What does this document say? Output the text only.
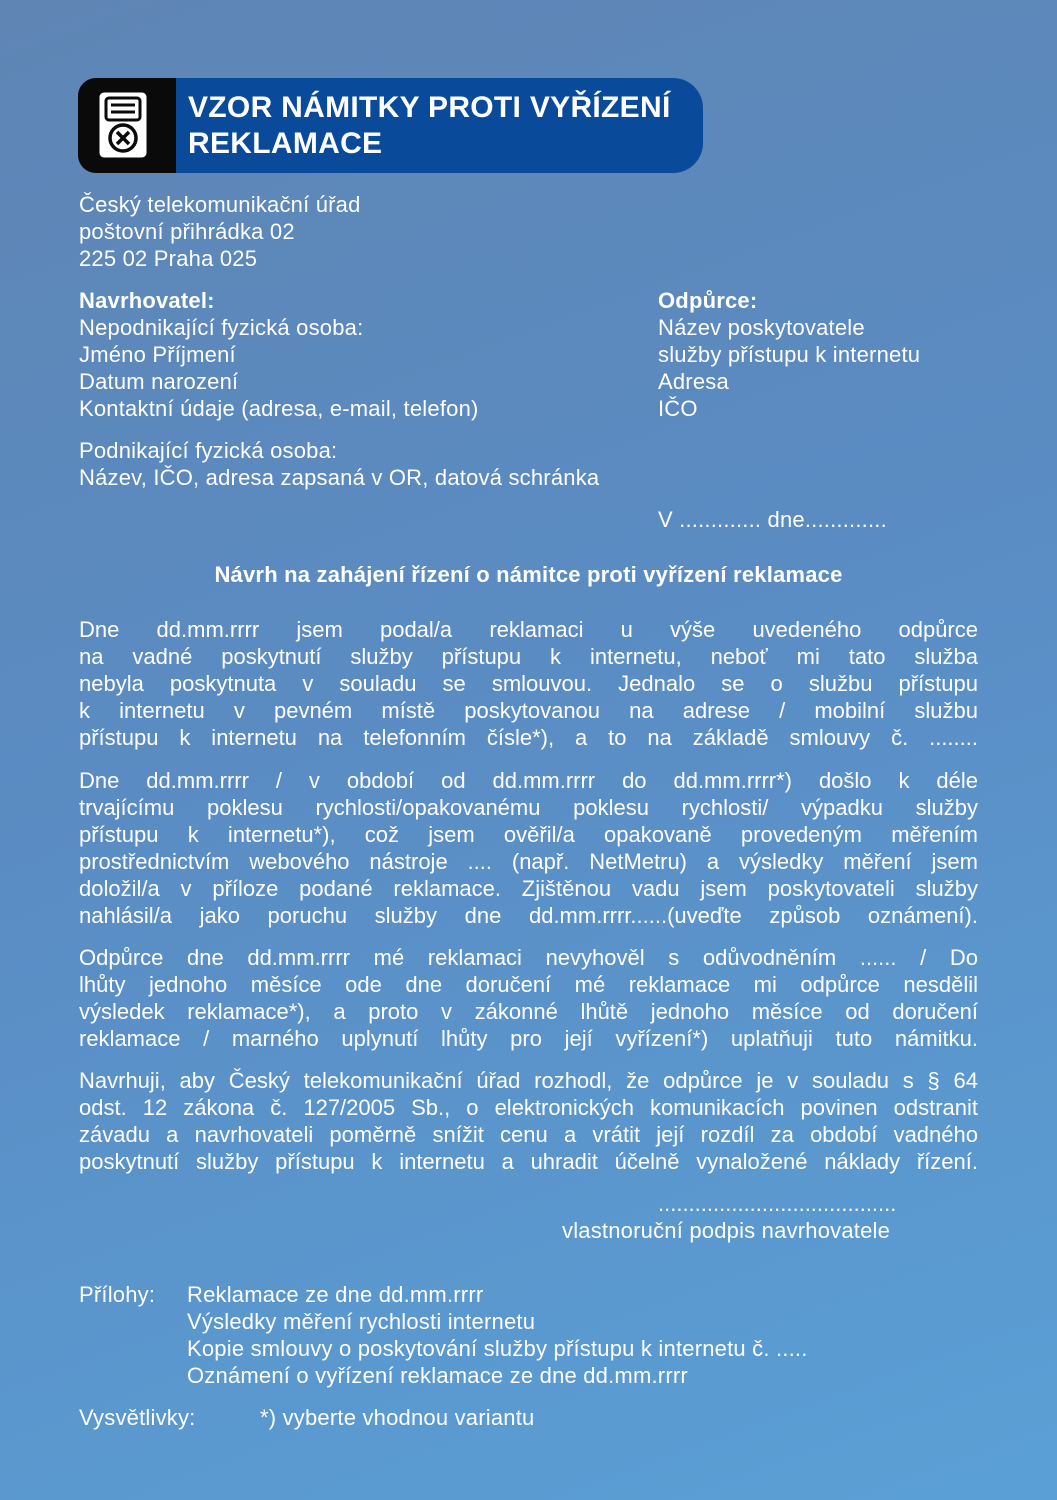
VZOR NÁMITKY PROTI VYŘÍZENÍ
REKLAMACE
Český telekomunikační úřad
poštovní přihrádka 02
225 02 Praha 025
Navrhovatel:
Nepodnikající fyzická osoba:
Jméno Příjmení
Datum narození
Kontaktní údaje (adresa, e-mail, telefon)
Podnikající fyzická osoba:
Název, IČO, adresa zapsaná v OR, datová schránka
Odpůrce:
Název poskytovatele
služby přístupu k internetu
Adresa
IČO
V ............. dne.............
Návrh na zahájení řízení o námitce proti vyřízení reklamace
Dne dd.mm.rrrr jsem podal/a reklamaci u výše uvedeného odpůrce
na vadné poskytnutí služby přístupu k internetu, neboť mi tato služba
nebyla poskytnuta v souladu se smlouvou. Jednalo se o službu přístupu
k internetu v pevném místě poskytovanou na adrese / mobilní službu
přístupu k internetu na telefonním čísle*), a to na základě smlouvy č. ........
Dne dd.mm.rrrr / v období od dd.mm.rrrr do dd.mm.rrrr*) došlo k déle
trvajícímu poklesu rychlosti/opakovanému poklesu rychlosti/ výpadku služby
přístupu k internetu*), což jsem ověřil/a opakovaně provedeným měřením
prostřednictvím webového nástroje .... (např. NetMetru) a výsledky měření jsem
doložil/a v příloze podané reklamace. Zjištěnou vadu jsem poskytovateli služby
nahlásil/a jako poruchu služby dne dd.mm.rrrr......(uveďte způsob oznámení).
Odpůrce dne dd.mm.rrrr mé reklamaci nevyhověl s odůvodněním ...... / Do
lhůty jednoho měsíce ode dne doručení mé reklamace mi odpůrce nesdělil
výsledek reklamace*), a proto v zákonné lhůtě jednoho měsíce od doručení
reklamace / marného uplynutí lhůty pro její vyřízení*) uplatňuji tuto námitku.
Navrhuji, aby Český telekomunikační úřad rozhodl, že odpůrce je v souladu s § 64
odst. 12 zákona č. 127/2005 Sb., o elektronických komunikacích povinen odstranit
závadu a navrhovateli poměrně snížit cenu a vrátit její rozdíl za období vadného
poskytnutí služby přístupu k internetu a uhradit účelně vynaložené náklady řízení.
.......................................
vlastnoruční podpis navrhovatele
Přílohy: Reklamace ze dne dd.mm.rrrr
Výsledky měření rychlosti internetu
Kopie smlouvy o poskytování služby přístupu k internetu č. .....
Oznámení o vyřízení reklamace ze dne dd.mm.rrrr
Vysvětlivky:	*) vyberte vhodnou variantu
